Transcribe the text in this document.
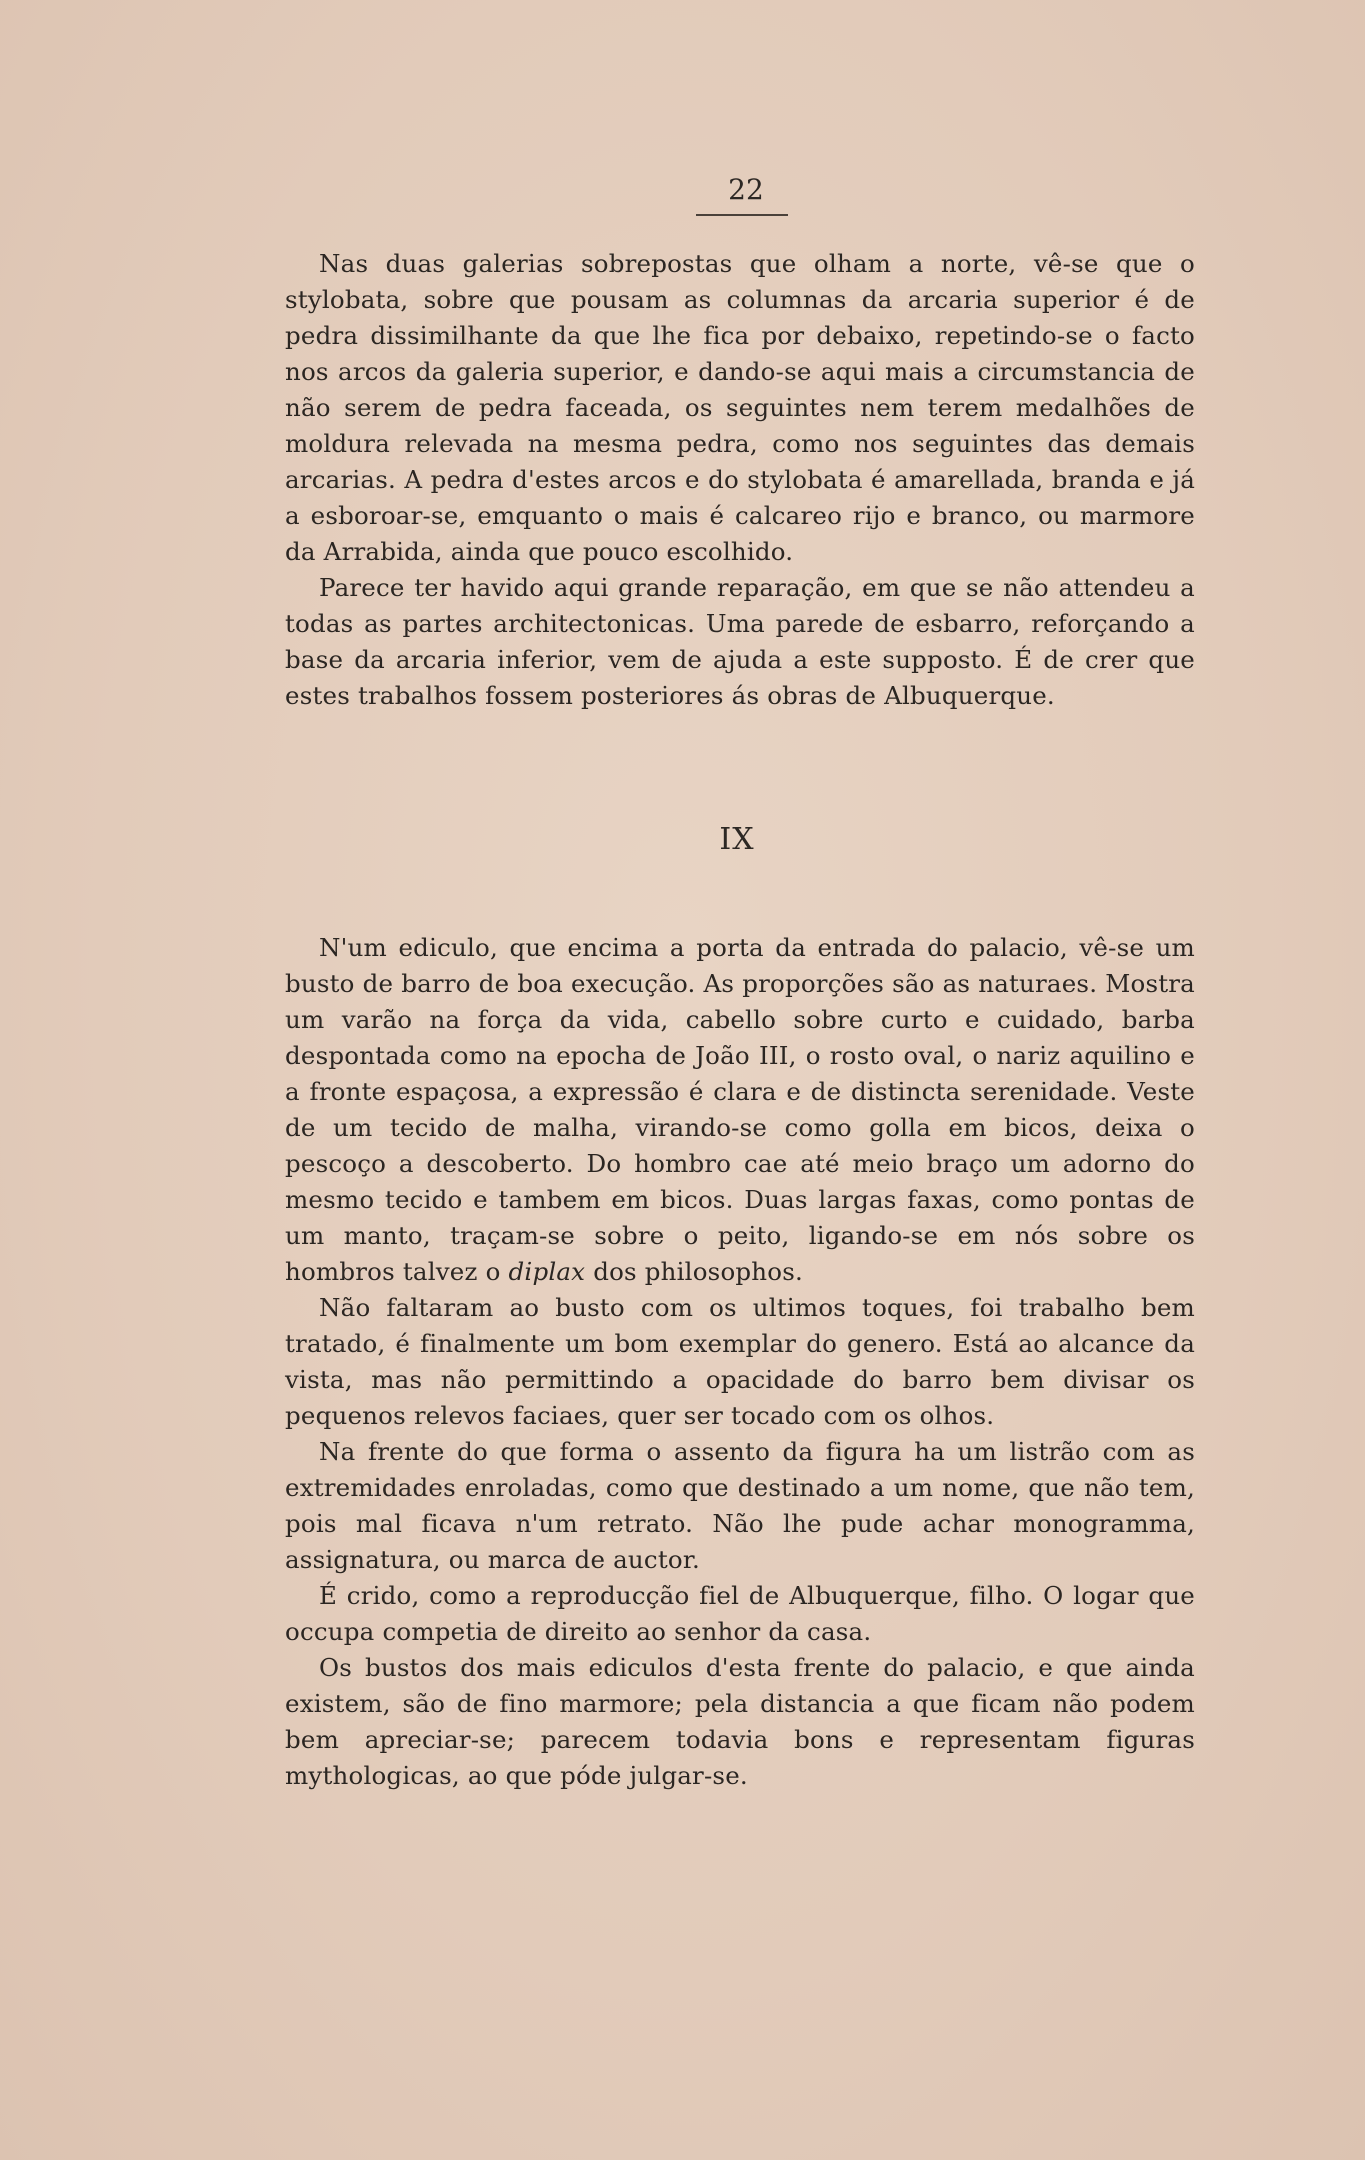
22

Nas duas galerias sobrepostas que olham a norte, vê-se que o stylobata, sobre que pousam as columnas da arcaria superior é de pedra dissimilhante da que lhe fica por debaixo, repetindo-se o facto nos arcos da galeria superior, e dando-se aqui mais a circumstancia de não serem de pedra faceada, os seguintes nem terem medalhões de moldura relevada na mesma pedra, como nos seguintes das demais arcarias. A pedra d'estes arcos e do stylobata é amarellada, branda e já a esboroar-se, emquanto o mais é calcareo rijo e branco, ou marmore da Arrabida, ainda que pouco escolhido.

Parece ter havido aqui grande reparação, em que se não attendeu a todas as partes architectonicas. Uma parede de esbarro, reforçando a base da arcaria inferior, vem de ajuda a este supposto. É de crer que estes trabalhos fossem posteriores ás obras de Albuquerque.

IX

N'um ediculo, que encima a porta da entrada do palacio, vê-se um busto de barro de boa execução. As proporções são as naturaes. Mostra um varão na força da vida, cabello sobre curto e cuidado, barba despontada como na epocha de João III, o rosto oval, o nariz aquilino e a fronte espaçosa, a expressão é clara e de distincta serenidade. Veste de um tecido de malha, virando-se como golla em bicos, deixa o pescoço a descoberto. Do hombro cae até meio braço um adorno do mesmo tecido e tambem em bicos. Duas largas faxas, como pontas de um manto, traçam-se sobre o peito, ligando-se em nós sobre os hombros talvez o diplax dos philosophos.

Não faltaram ao busto com os ultimos toques, foi trabalho bem tratado, é finalmente um bom exemplar do genero. Está ao alcance da vista, mas não permittindo a opacidade do barro bem divisar os pequenos relevos faciaes, quer ser tocado com os olhos.

Na frente do que forma o assento da figura ha um listrão com as extremidades enroladas, como que destinado a um nome, que não tem, pois mal ficava n'um retrato. Não lhe pude achar monogramma, assignatura, ou marca de auctor.

É crido, como a reproducção fiel de Albuquerque, filho. O logar que occupa competia de direito ao senhor da casa.

Os bustos dos mais ediculos d'esta frente do palacio, e que ainda existem, são de fino marmore; pela distancia a que ficam não podem bem apreciar-se; parecem todavia bons e representam figuras mythologicas, ao que póde julgar-se.
